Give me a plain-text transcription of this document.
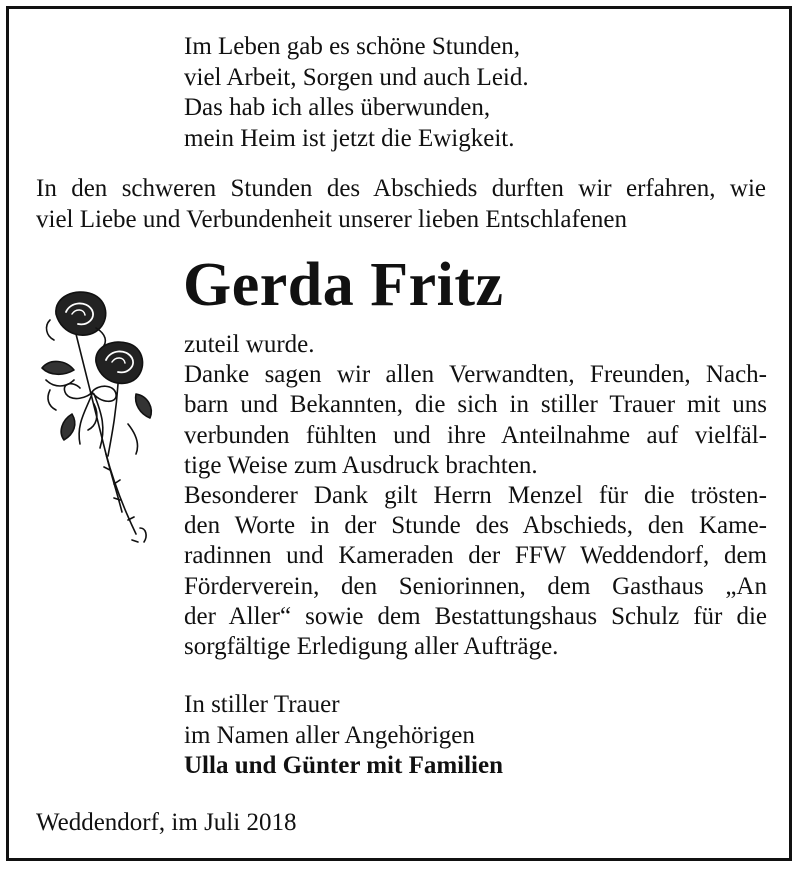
Im Leben gab es schöne Stunden,
viel Arbeit, Sorgen und auch Leid.
Das hab ich alles überwunden,
mein Heim ist jetzt die Ewigkeit.
In den schweren Stunden des Abschieds durften wir erfahren, wie
viel Liebe und Verbundenheit unserer lieben Entschlafenen
Gerda Fritz
zuteil wurde.
Danke sagen wir allen Verwandten, Freunden, Nach-
barn und Bekannten, die sich in stiller Trauer mit uns
verbunden fühlten und ihre Anteilnahme auf vielfäl-
tige Weise zum Ausdruck brachten.
Besonderer Dank gilt Herrn Menzel für die trösten-
den Worte in der Stunde des Abschieds, den Kame-
radinnen und Kameraden der FFW Weddendorf, dem
Förderverein, den Seniorinnen, dem Gasthaus „An
der Aller“ sowie dem Bestattungshaus Schulz für die
sorgfältige Erledigung aller Aufträge.
In stiller Trauer
im Namen aller Angehörigen
Ulla und Günter mit Familien
Weddendorf, im Juli 2018
